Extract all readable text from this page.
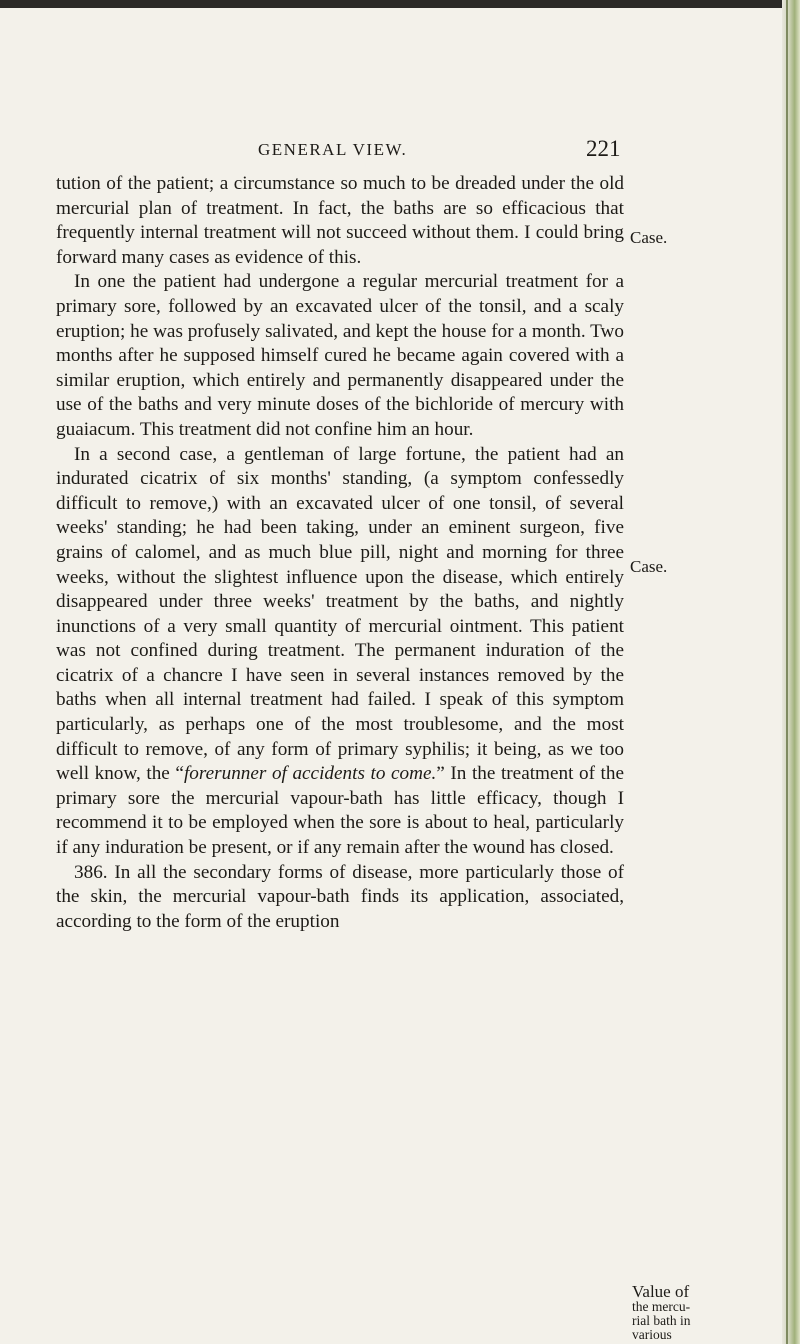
GENERAL VIEW.	221

tution of the patient; a circumstance so much to be dreaded under the old mercurial plan of treatment. In fact, the baths are so efficacious that frequently internal treatment will not succeed without them. I could bring forward many cases as evidence of this.

In one the patient had undergone a regular mercurial treatment for a primary sore, followed by an excavated ulcer of the tonsil, and a scaly eruption; he was profusely salivated, and kept the house for a month. Two months after he supposed himself cured he became again covered with a similar eruption, which entirely and permanently disappeared under the use of the baths and very minute doses of the bichloride of mercury with guaiacum. This treatment did not confine him an hour.

In a second case, a gentleman of large fortune, the patient had an indurated cicatrix of six months' standing, (a symptom confessedly difficult to remove,) with an excavated ulcer of one tonsil, of several weeks' standing; he had been taking, under an eminent surgeon, five grains of calomel, and as much blue pill, night and morning for three weeks, without the slightest influence upon the disease, which entirely disappeared under three weeks' treatment by the baths, and nightly inunctions of a very small quantity of mercurial ointment. This patient was not confined during treatment. The permanent induration of the cicatrix of a chancre I have seen in several instances removed by the baths when all internal treatment had failed. I speak of this symptom particularly, as perhaps one of the most troublesome, and the most difficult to remove, of any form of primary syphilis; it being, as we too well know, the “forerunner of accidents to come.” In the treatment of the primary sore the mercurial vapour-bath has little efficacy, though I recommend it to be employed when the sore is about to heal, particularly if any induration be present, or if any remain after the wound has closed.

386. In all the secondary forms of disease, more particularly those of the skin, the mercurial vapour-bath finds its application, associated, according to the form of the eruption

Case.
Case.
Value of
the mercu-
rial bath in
various
